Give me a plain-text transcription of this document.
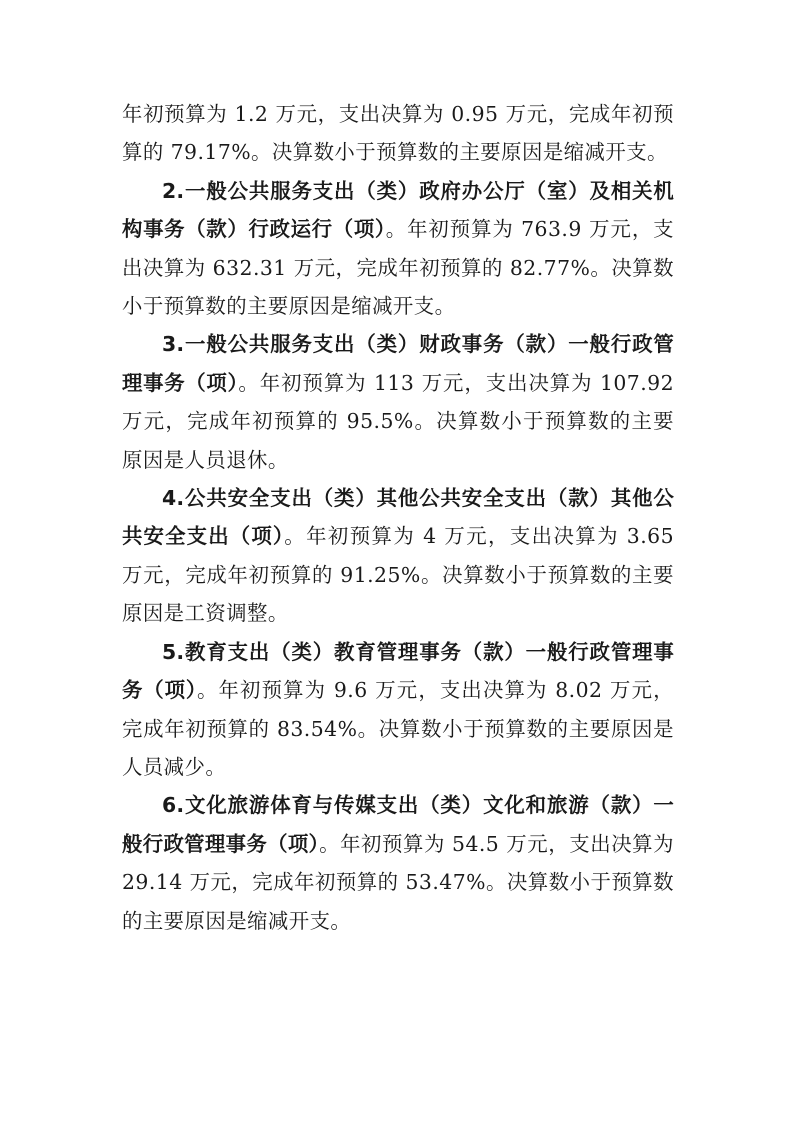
年初预算为 1.2 万元，支出决算为 0.95 万元，完成年初预算的 79.17%。决算数小于预算数的主要原因是缩减开支。

2.一般公共服务支出（类）政府办公厅（室）及相关机构事务（款）行政运行（项）。年初预算为 763.9 万元，支出决算为 632.31 万元，完成年初预算的 82.77%。决算数小于预算数的主要原因是缩减开支。

3.一般公共服务支出（类）财政事务（款）一般行政管理事务（项）。年初预算为 113 万元，支出决算为 107.92 万元，完成年初预算的 95.5%。决算数小于预算数的主要原因是人员退休。

4.公共安全支出（类）其他公共安全支出（款）其他公共安全支出（项）。年初预算为 4 万元，支出决算为 3.65 万元，完成年初预算的 91.25%。决算数小于预算数的主要原因是工资调整。

5.教育支出（类）教育管理事务（款）一般行政管理事务（项）。年初预算为 9.6 万元，支出决算为 8.02 万元，完成年初预算的 83.54%。决算数小于预算数的主要原因是人员减少。

6.文化旅游体育与传媒支出（类）文化和旅游（款）一般行政管理事务（项）。年初预算为 54.5 万元，支出决算为 29.14 万元，完成年初预算的 53.47%。决算数小于预算数的主要原因是缩减开支。
